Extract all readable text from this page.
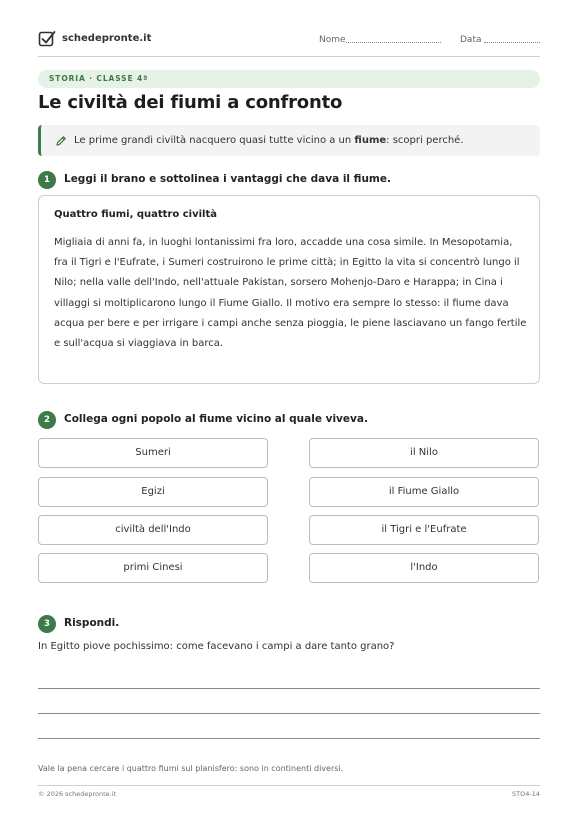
schedepronte.it	Nome	Data
STORIA · CLASSE 4ª
Le civiltà dei fiumi a confronto
Le prime grandi civiltà nacquero quasi tutte vicino a un fiume: scopri perché.
1	Leggi il brano e sottolinea i vantaggi che dava il fiume.
Quattro fiumi, quattro civiltà
Migliaia di anni fa, in luoghi lontanissimi fra loro, accadde una cosa simile. In Mesopotamia, fra il Tigri e l'Eufrate, i Sumeri costruirono le prime città; in Egitto la vita si concentrò lungo il Nilo; nella valle dell'Indo, nell'attuale Pakistan, sorsero Mohenjo-Daro e Harappa; in Cina i villaggi si moltiplicarono lungo il Fiume Giallo. Il motivo era sempre lo stesso: il fiume dava acqua per bere e per irrigare i campi anche senza pioggia, le piene lasciavano un fango fertile e sull'acqua si viaggiava in barca.
2	Collega ogni popolo al fiume vicino al quale viveva.
Sumeri
Egizi
civiltà dell'Indo
primi Cinesi
il Nilo
il Fiume Giallo
il Tigri e l'Eufrate
l'Indo
3	Rispondi.
In Egitto piove pochissimo: come facevano i campi a dare tanto grano?
Vale la pena cercare i quattro fiumi sul planisfero: sono in continenti diversi.
© 2026 schedepronte.it	STO4-14
